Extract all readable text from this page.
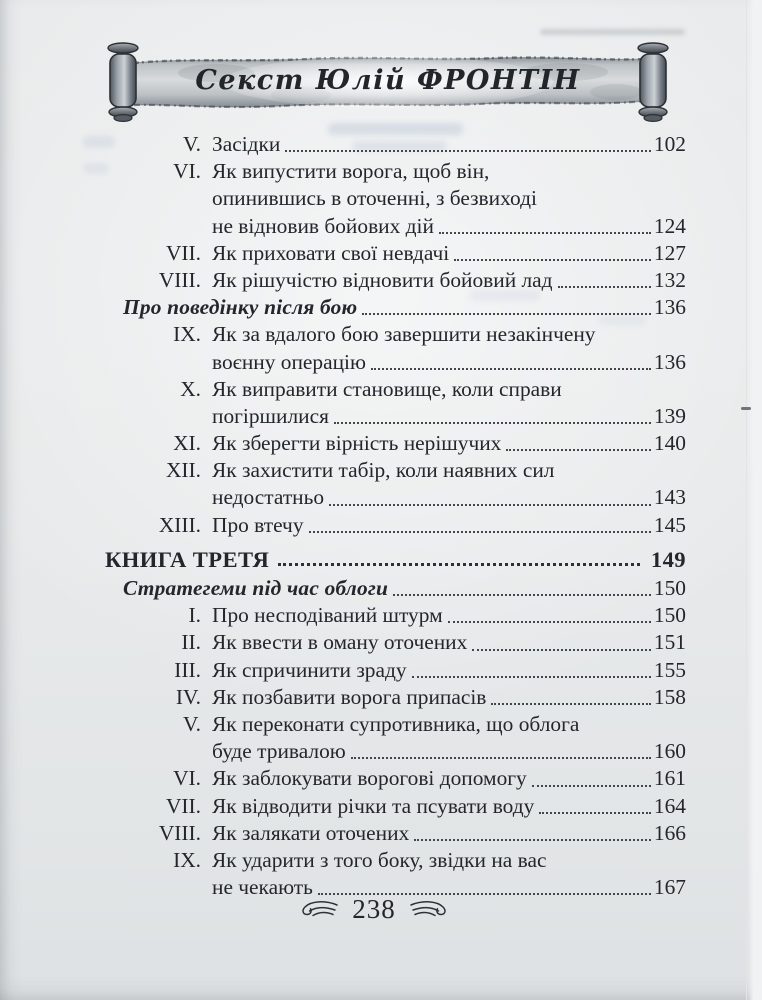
Секст Юлій ФРОНТІН
V. Засідки	102
VI. Як випустити ворога, щоб він,
опинившись в оточенні, з безвиході
не відновив бойових дій	124
VII. Як приховати свої невдачі	127
VIII. Як рішучістю відновити бойовий лад	132
Про поведінку після бою	136
IX. Як за вдалого бою завершити незакінчену
воєнну операцію	136
X. Як виправити становище, коли справи
погіршилися	139
XI. Як зберегти вірність нерішучих	140
XII. Як захистити табір, коли наявних сил
недостатньо	143
XIII. Про втечу	145
КНИГА ТРЕТЯ	149
Стратегеми під час облоги	150
I. Про несподіваний штурм	150
II. Як ввести в оману оточених	151
III. Як спричинити зраду	155
IV. Як позбавити ворога припасів	158
V. Як переконати супротивника, що облога
буде тривалою	160
VI. Як заблокувати ворогові допомогу	161
VII. Як відводити річки та псувати воду	164
VIII. Як залякати оточених	166
IX. Як ударити з того боку, звідки на вас
не чекають	167
238
